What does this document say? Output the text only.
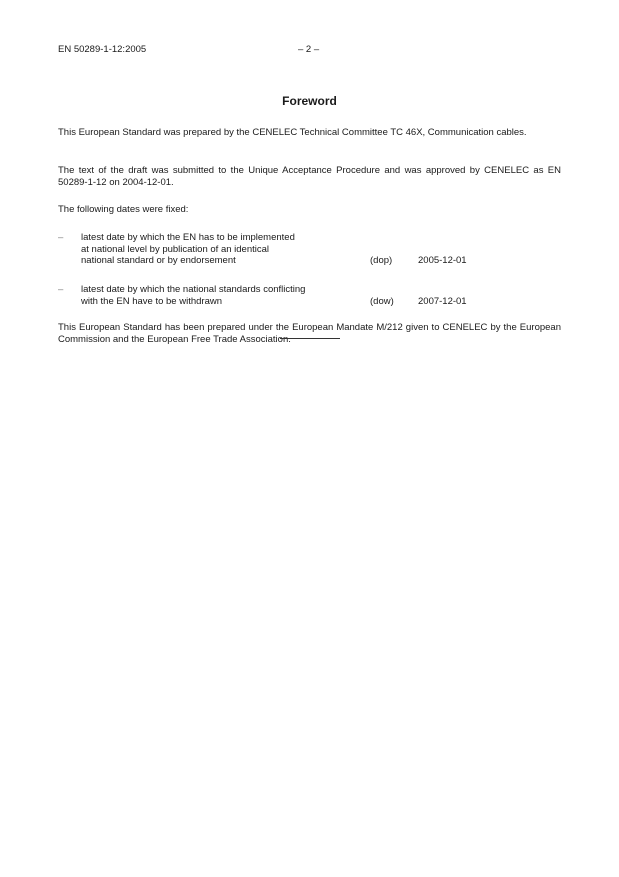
EN 50289-1-12:2005	– 2 –
Foreword
This European Standard was prepared by the CENELEC Technical Committee TC 46X, Communication cables.
The text of the draft was submitted to the Unique Acceptance Procedure and was approved by CENELEC as EN 50289-1-12 on 2004-12-01.
The following dates were fixed:
– latest date by which the EN has to be implemented
at national level by publication of an identical
national standard or by endorsement	(dop)	2005-12-01
– latest date by which the national standards conflicting
with the EN have to be withdrawn	(dow)	2007-12-01
This European Standard has been prepared under the European Mandate M/212 given to CENELEC by the European Commission and the European Free Trade Association.
